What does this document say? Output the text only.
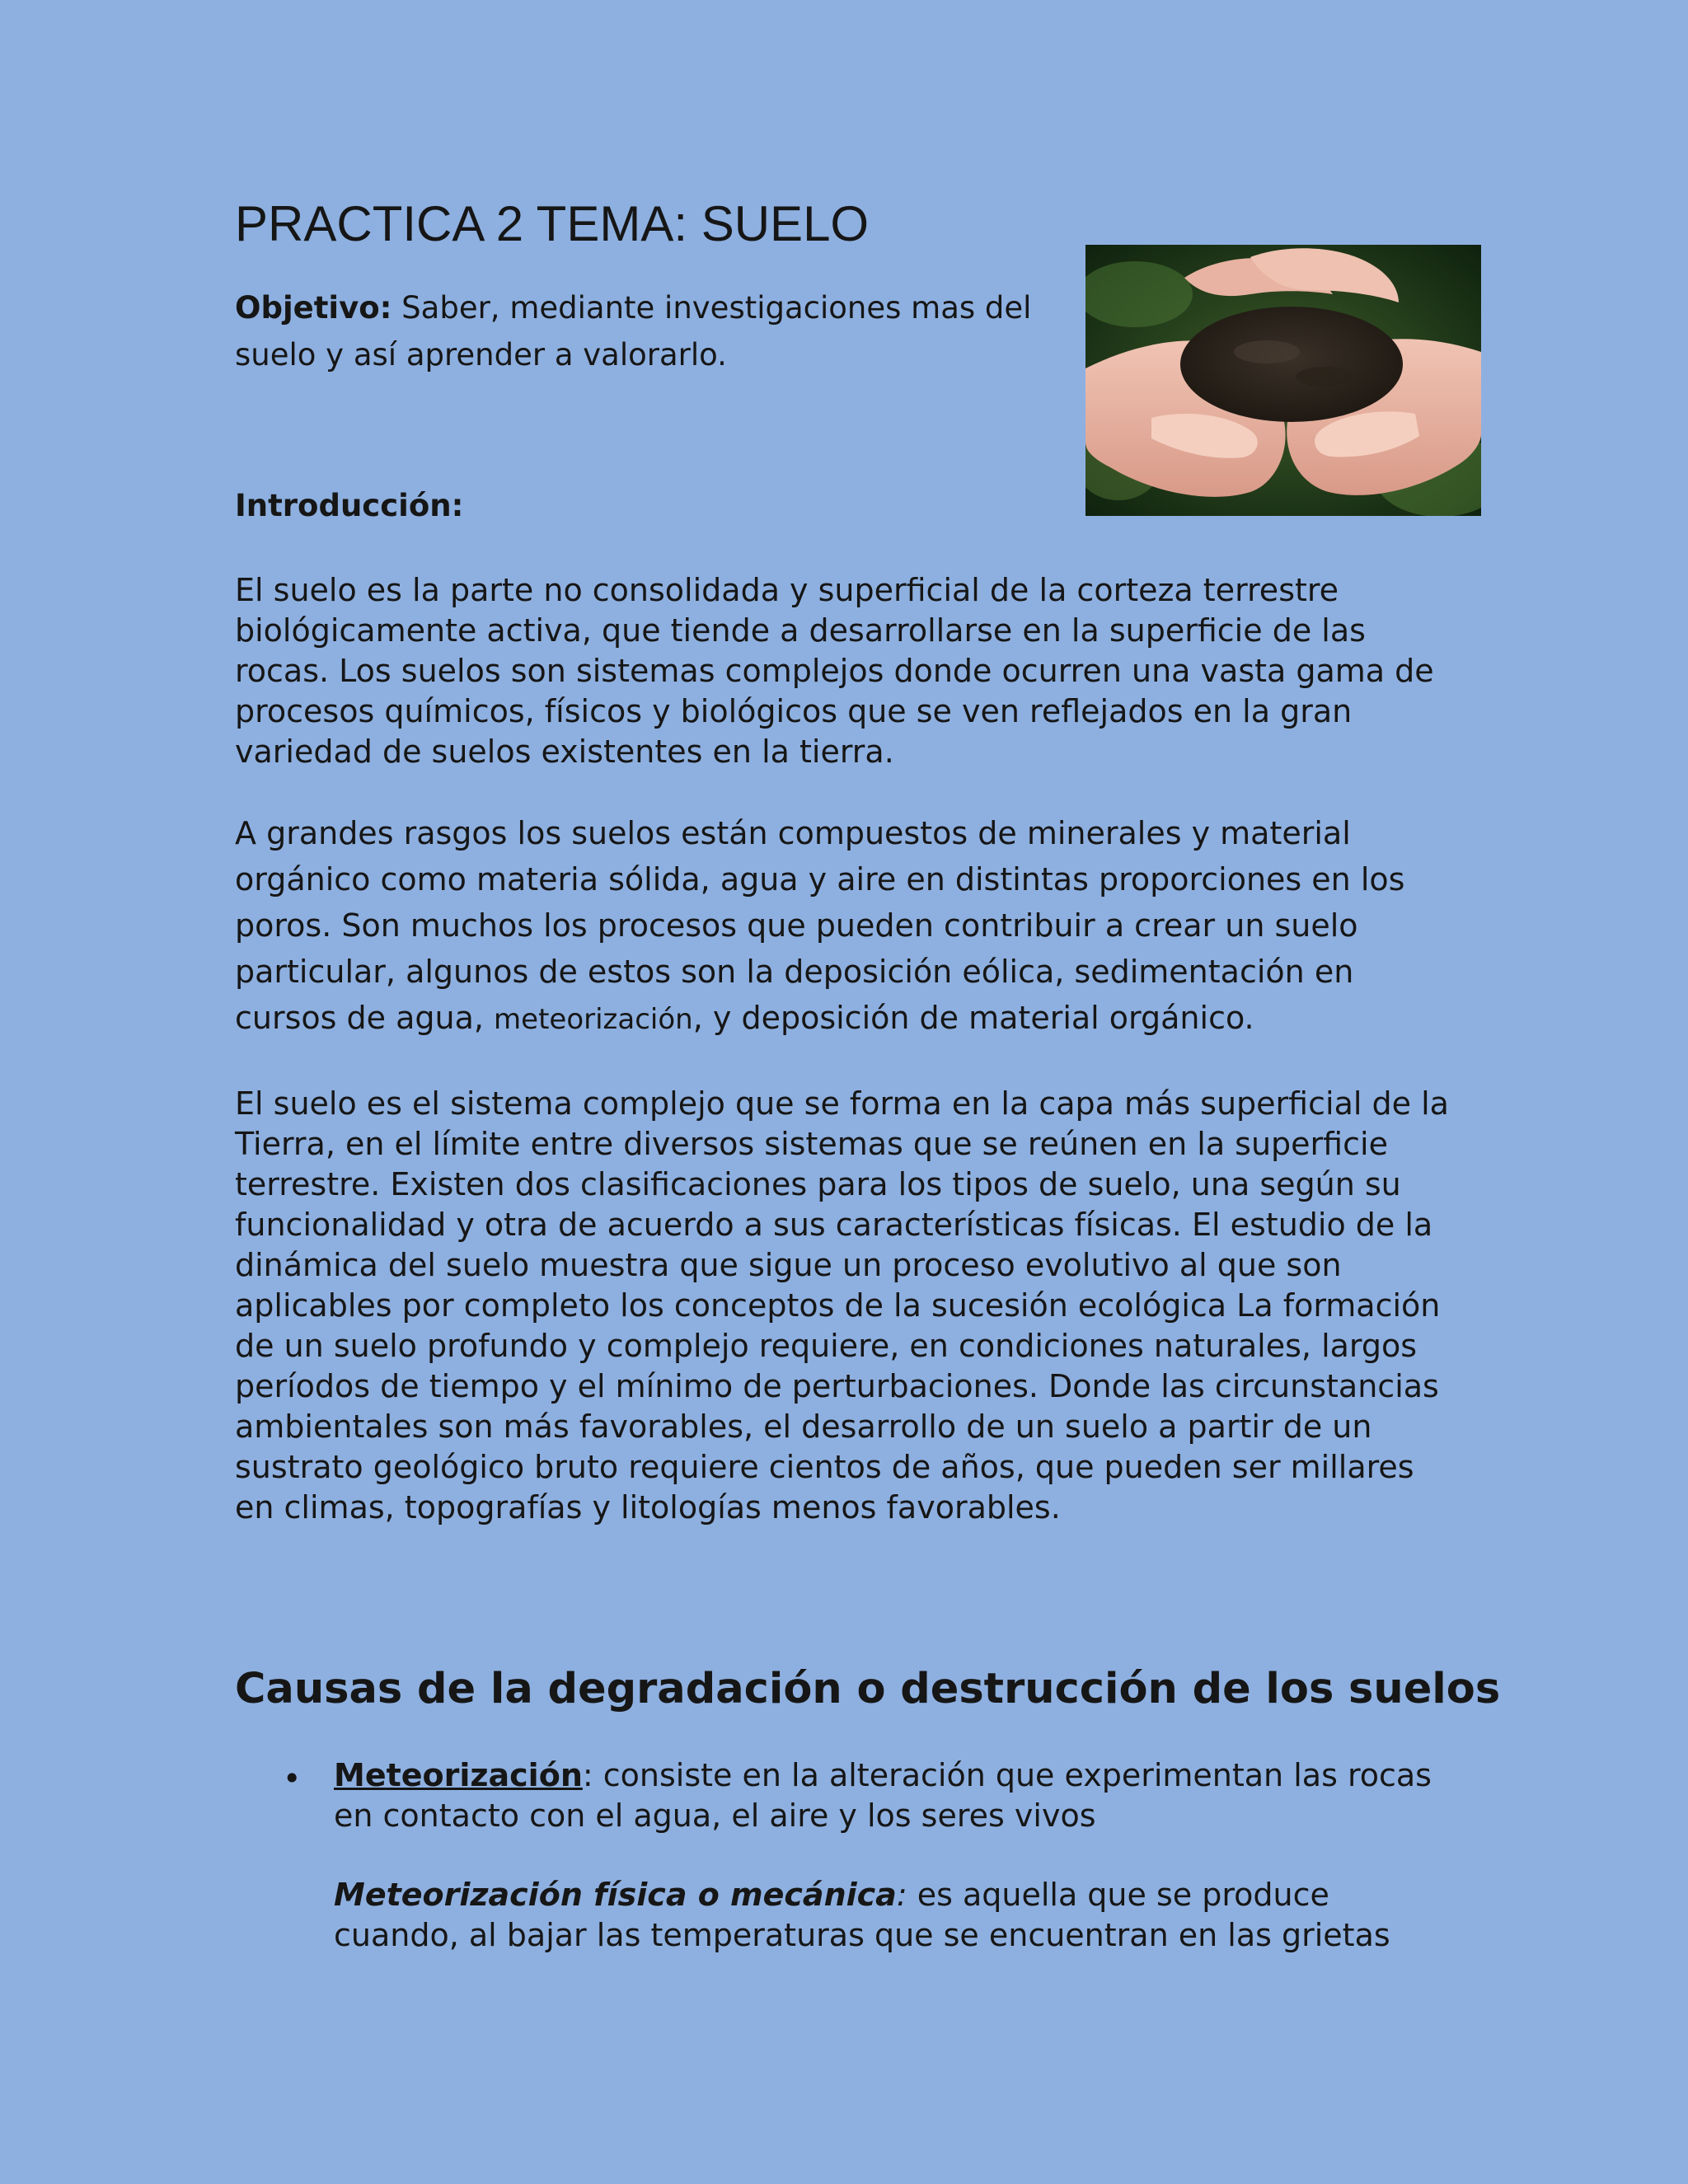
PRACTICA 2 TEMA: SUELO

Objetivo: Saber, mediante investigaciones mas del suelo y así aprender a valorarlo.

Introducción:

El suelo es la parte no consolidada y superficial de la corteza terrestre biológicamente activa, que tiende a desarrollarse en la superficie de las rocas. Los suelos son sistemas complejos donde ocurren una vasta gama de procesos químicos, físicos y biológicos que se ven reflejados en la gran variedad de suelos existentes en la tierra.

A grandes rasgos los suelos están compuestos de minerales y material orgánico como materia sólida, agua y aire en distintas proporciones en los poros. Son muchos los procesos que pueden contribuir a crear un suelo particular, algunos de estos son la deposición eólica, sedimentación en cursos de agua, meteorización, y deposición de material orgánico.

El suelo es el sistema complejo que se forma en la capa más superficial de la Tierra, en el límite entre diversos sistemas que se reúnen en la superficie terrestre. Existen dos clasificaciones para los tipos de suelo, una según su funcionalidad y otra de acuerdo a sus características físicas. El estudio de la dinámica del suelo muestra que sigue un proceso evolutivo al que son aplicables por completo los conceptos de la sucesión ecológica La formación de un suelo profundo y complejo requiere, en condiciones naturales, largos períodos de tiempo y el mínimo de perturbaciones. Donde las circunstancias ambientales son más favorables, el desarrollo de un suelo a partir de un sustrato geológico bruto requiere cientos de años, que pueden ser millares en climas, topografías y litologías menos favorables.

Causas de la degradación o destrucción de los suelos
• Meteorización: consiste en la alteración que experimentan las rocas en contacto con el agua, el aire y los seres vivos

Meteorización física o mecánica: es aquella que se produce cuando, al bajar las temperaturas que se encuentran en las grietas
